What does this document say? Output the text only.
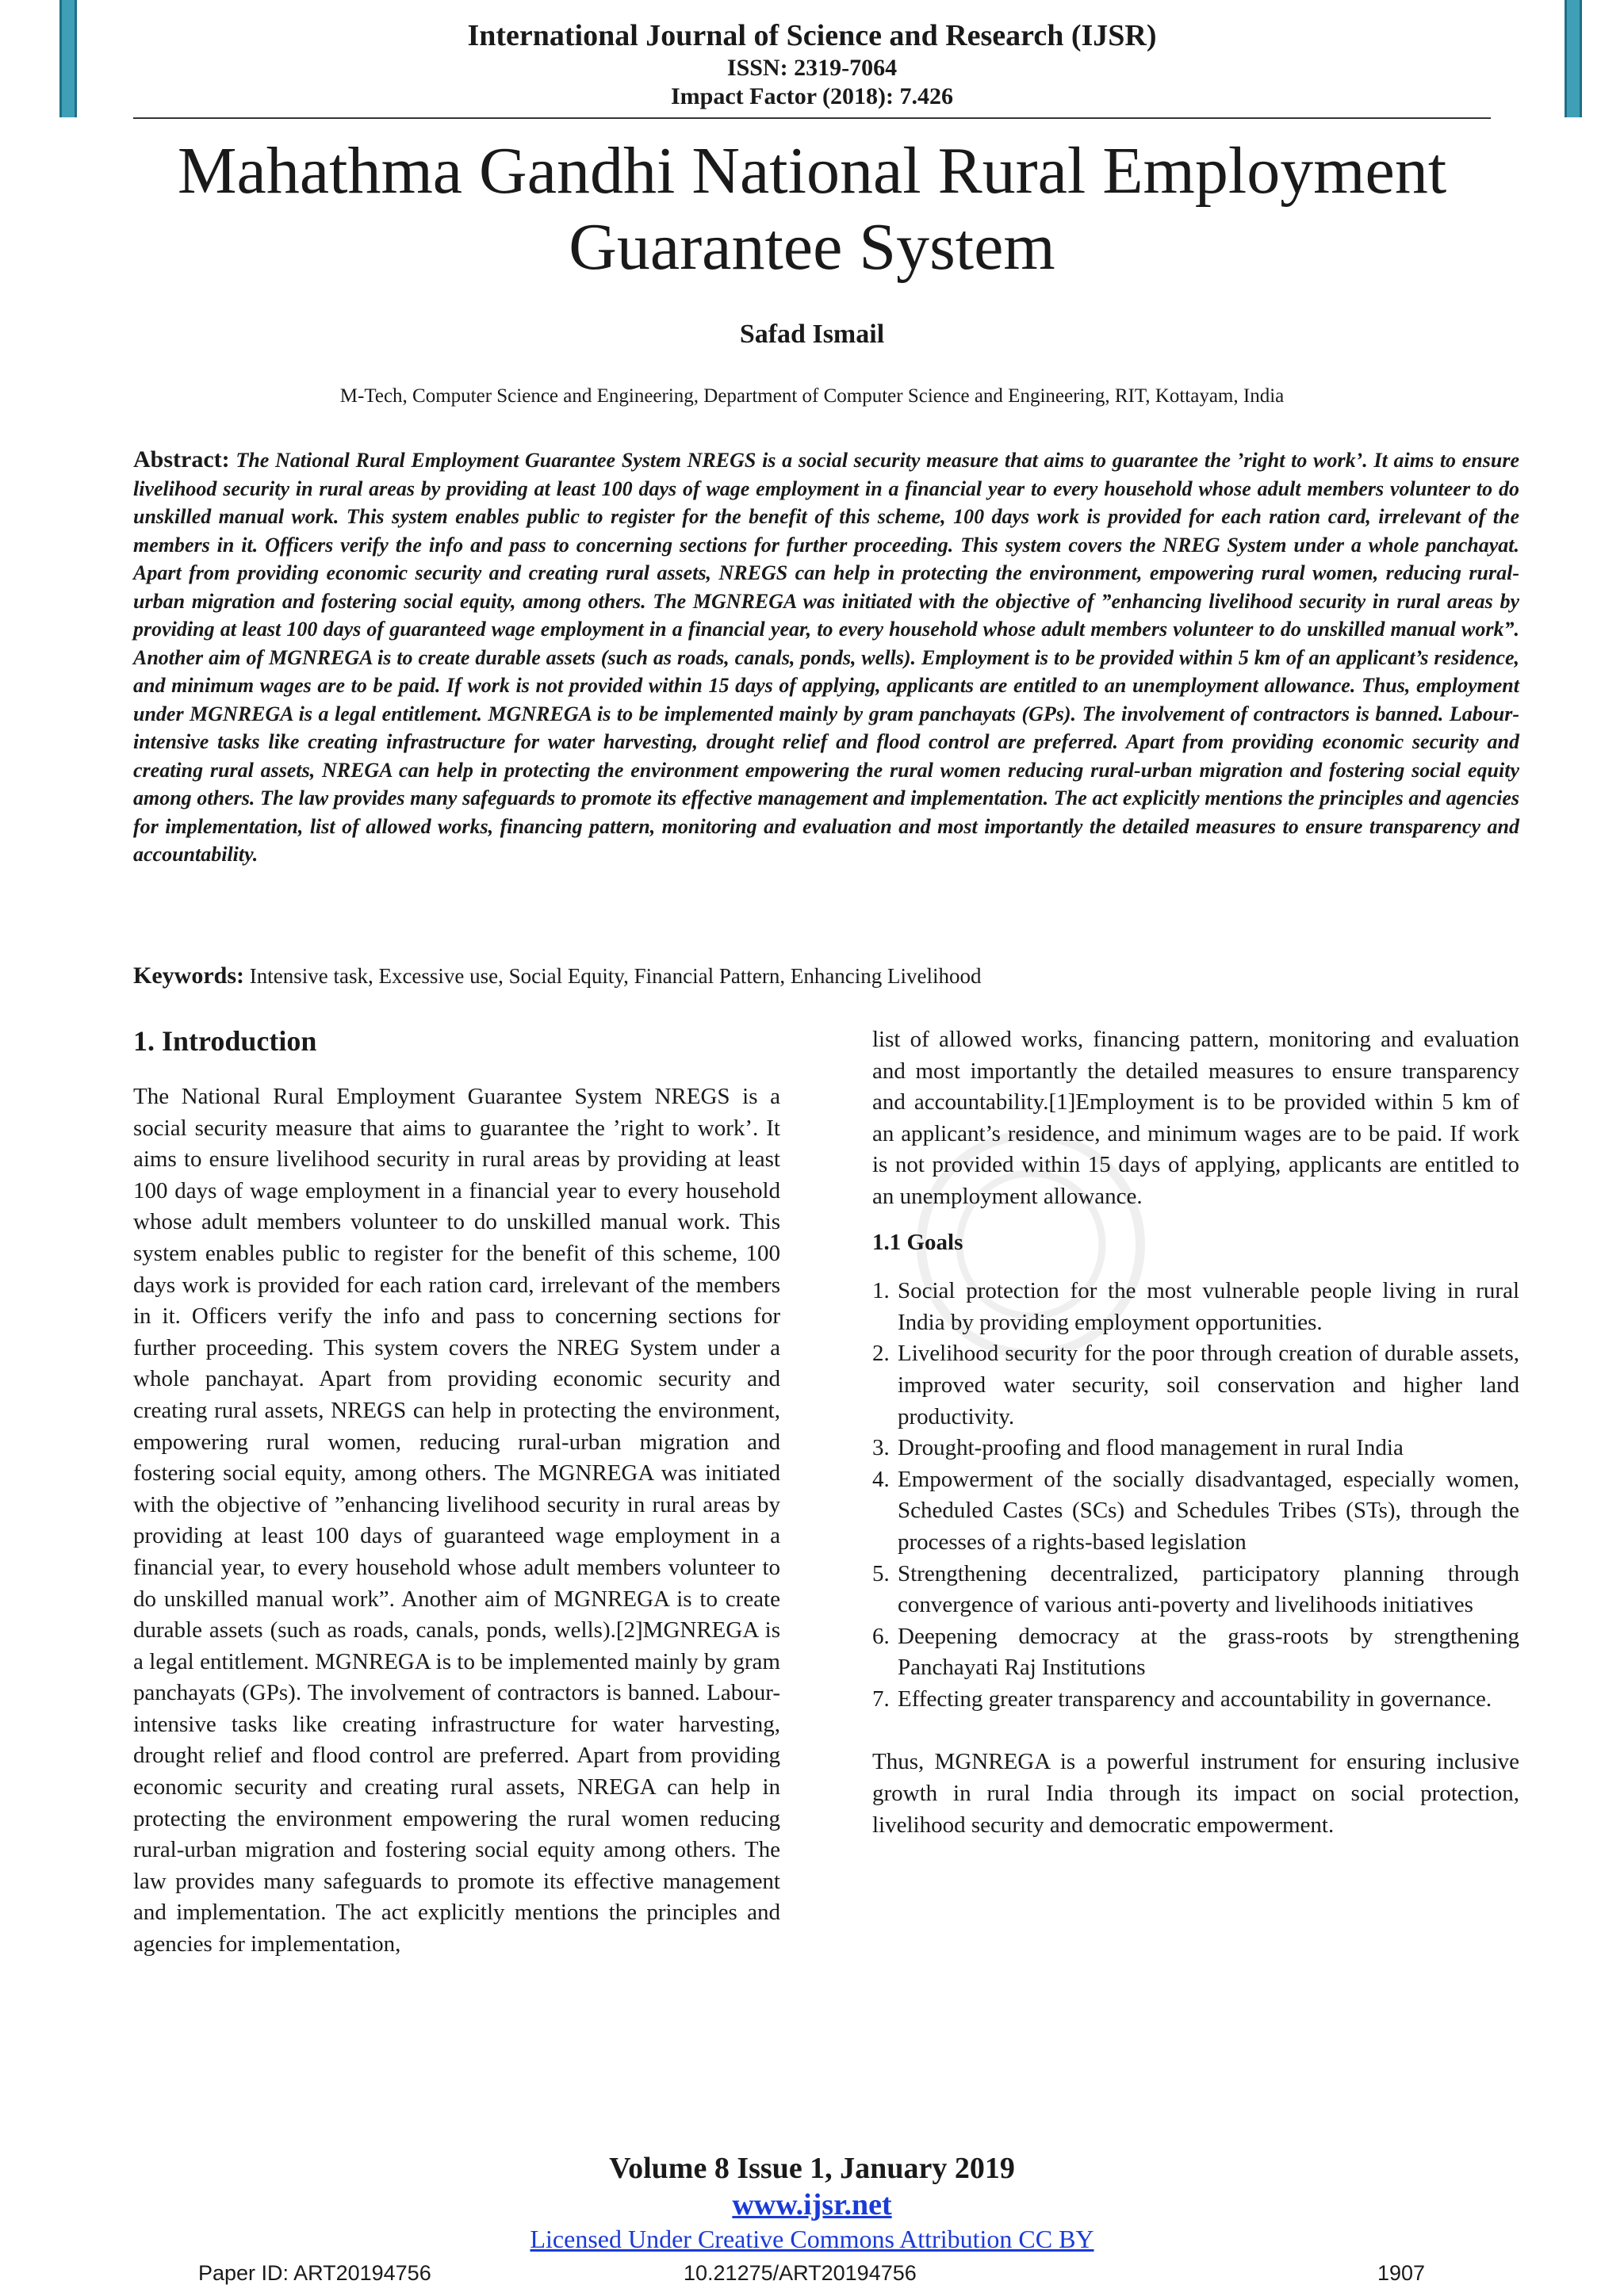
International Journal of Science and Research (IJSR)
ISSN: 2319-7064
Impact Factor (2018): 7.426
Mahathma Gandhi National Rural Employment Guarantee System
Safad Ismail
M-Tech, Computer Science and Engineering, Department of Computer Science and Engineering, RIT, Kottayam, India

Abstract: The National Rural Employment Guarantee System NREGS is a social security measure that aims to guarantee the ’right to work’. It aims to ensure livelihood security in rural areas by providing at least 100 days of wage employment in a financial year to every household whose adult members volunteer to do unskilled manual work. This system enables public to register for the benefit of this scheme, 100 days work is provided for each ration card, irrelevant of the members in it. Officers verify the info and pass to concerning sections for further proceeding. This system covers the NREG System under a whole panchayat. Apart from providing economic security and creating rural assets, NREGS can help in protecting the environment, empowering rural women, reducing rural-urban migration and fostering social equity, among others. The MGNREGA was initiated with the objective of ”enhancing livelihood security in rural areas by providing at least 100 days of guaranteed wage employment in a financial year, to every household whose adult members volunteer to do unskilled manual work”. Another aim of MGNREGA is to create durable assets (such as roads, canals, ponds, wells). Employment is to be provided within 5 km of an applicant’s residence, and minimum wages are to be paid. If work is not provided within 15 days of applying, applicants are entitled to an unemployment allowance. Thus, employment under MGNREGA is a legal entitlement. MGNREGA is to be implemented mainly by gram panchayats (GPs). The involvement of contractors is banned. Labour-intensive tasks like creating infrastructure for water harvesting, drought relief and flood control are preferred. Apart from providing economic security and creating rural assets, NREGA can help in protecting the environment empowering the rural women reducing rural-urban migration and fostering social equity among others. The law provides many safeguards to promote its effective management and implementation. The act explicitly mentions the principles and agencies for implementation, list of allowed works, financing pattern, monitoring and evaluation and most importantly the detailed measures to ensure transparency and accountability.

Keywords: Intensive task, Excessive use, Social Equity, Financial Pattern, Enhancing Livelihood

1. Introduction

The National Rural Employment Guarantee System NREGS is a social security measure that aims to guarantee the ’right to work’. It aims to ensure livelihood security in rural areas by providing at least 100 days of wage employment in a financial year to every household whose adult members volunteer to do unskilled manual work. This system enables public to register for the benefit of this scheme, 100 days work is provided for each ration card, irrelevant of the members in it. Officers verify the info and pass to concerning sections for further proceeding. This system covers the NREG System under a whole panchayat. Apart from providing economic security and creating rural assets, NREGS can help in protecting the environment, empowering rural women, reducing rural-urban migration and fostering social equity, among others. The MGNREGA was initiated with the objective of ”enhancing livelihood security in rural areas by providing at least 100 days of guaranteed wage employment in a financial year, to every household whose adult members volunteer to do unskilled manual work”. Another aim of MGNREGA is to create durable assets (such as roads, canals, ponds, wells).[2]MGNREGA is a legal entitlement. MGNREGA is to be implemented mainly by gram panchayats (GPs). The involvement of contractors is banned. Labour-intensive tasks like creating infrastructure for water harvesting, drought relief and flood control are preferred. Apart from providing economic security and creating rural assets, NREGA can help in protecting the environment empowering the rural women reducing rural-urban migration and fostering social equity among others. The law provides many safeguards to promote its effective management and implementation. The act explicitly mentions the principles and agencies for implementation,

list of allowed works, financing pattern, monitoring and evaluation and most importantly the detailed measures to ensure transparency and accountability.[1]Employment is to be provided within 5 km of an applicant’s residence, and minimum wages are to be paid. If work is not provided within 15 days of applying, applicants are entitled to an unemployment allowance.

1.1 Goals
1. Social protection for the most vulnerable people living in rural India by providing employment opportunities.
2. Livelihood security for the poor through creation of durable assets, improved water security, soil conservation and higher land productivity.
3. Drought-proofing and flood management in rural India
4. Empowerment of the socially disadvantaged, especially women, Scheduled Castes (SCs) and Schedules Tribes (STs), through the processes of a rights-based legislation
5. Strengthening decentralized, participatory planning through convergence of various anti-poverty and livelihoods initiatives
6. Deepening democracy at the grass-roots by strengthening Panchayati Raj Institutions
7. Effecting greater transparency and accountability in governance.

Thus, MGNREGA is a powerful instrument for ensuring inclusive growth in rural India through its impact on social protection, livelihood security and democratic empowerment.

Volume 8 Issue 1, January 2019
www.ijsr.net
Licensed Under Creative Commons Attribution CC BY
Paper ID: ART20194756	10.21275/ART20194756	1907
